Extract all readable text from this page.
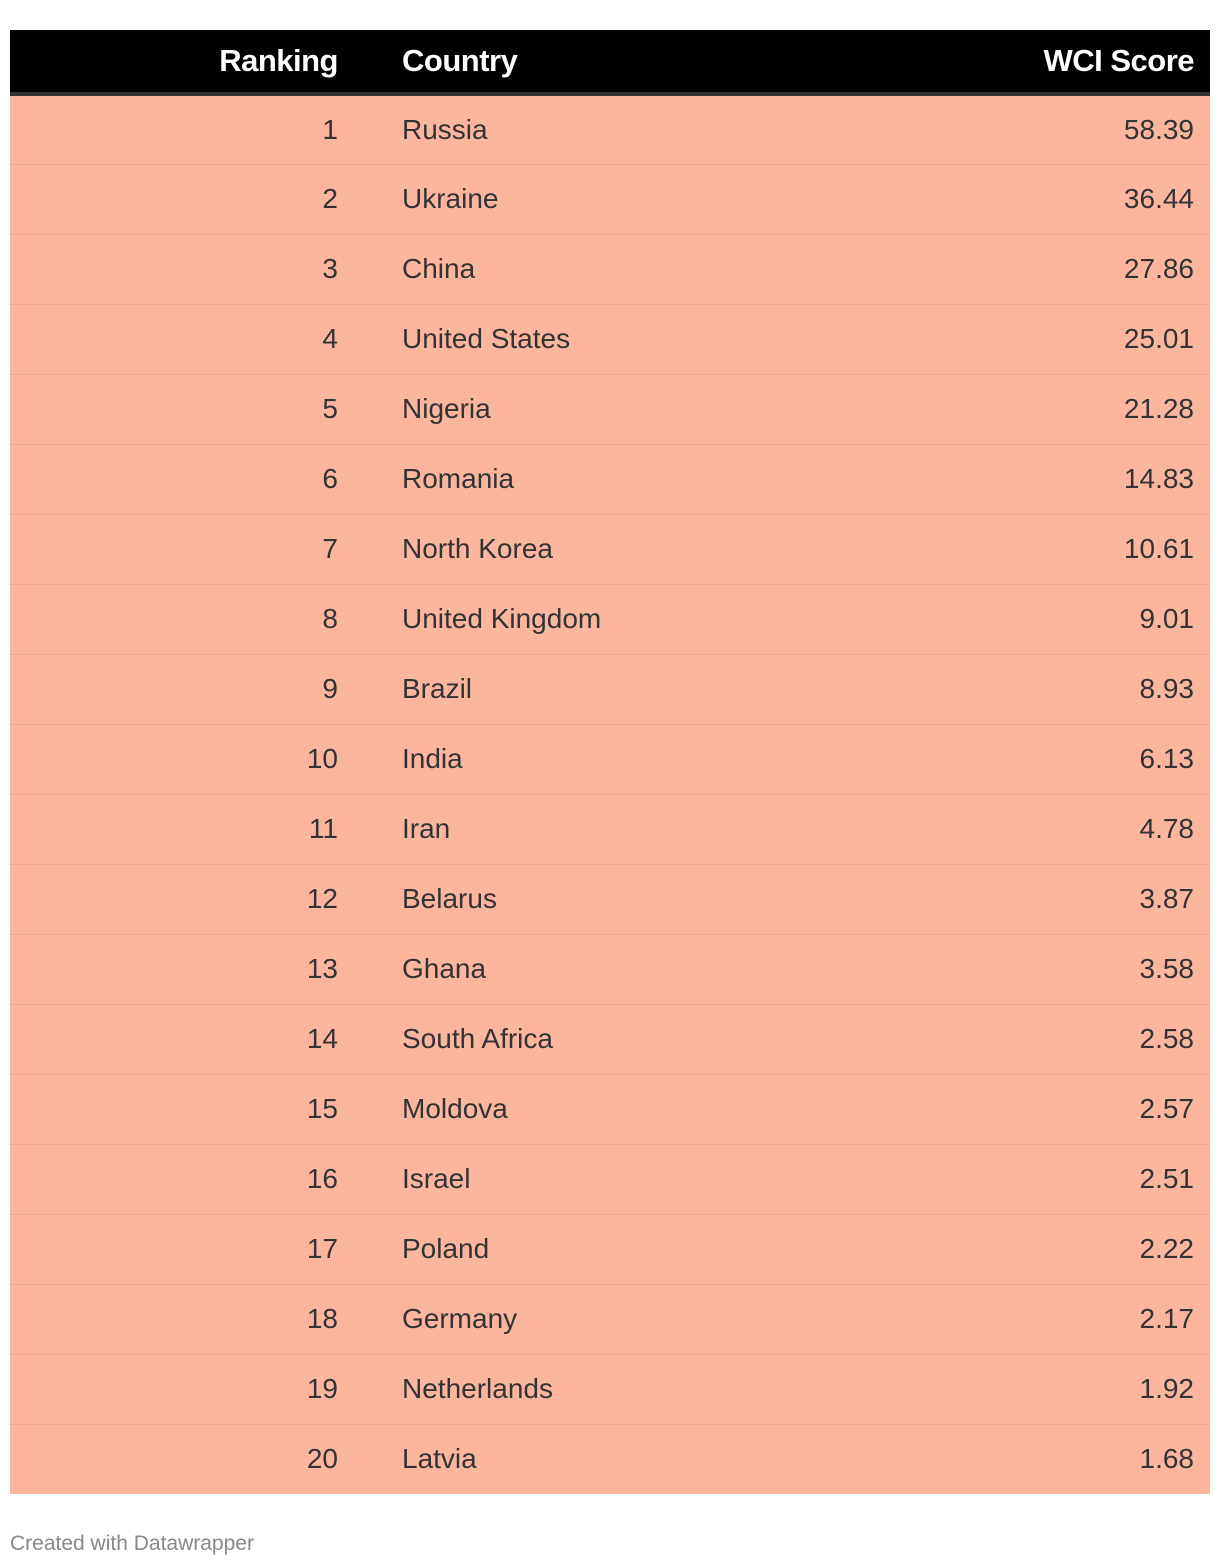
Ranking	Country	WCI Score
1	Russia	58.39
2	Ukraine	36.44
3	China	27.86
4	United States	25.01
5	Nigeria	21.28
6	Romania	14.83
7	North Korea	10.61
8	United Kingdom	9.01
9	Brazil	8.93
10	India	6.13
11	Iran	4.78
12	Belarus	3.87
13	Ghana	3.58
14	South Africa	2.58
15	Moldova	2.57
16	Israel	2.51
17	Poland	2.22
18	Germany	2.17
19	Netherlands	1.92
20	Latvia	1.68
Created with Datawrapper
